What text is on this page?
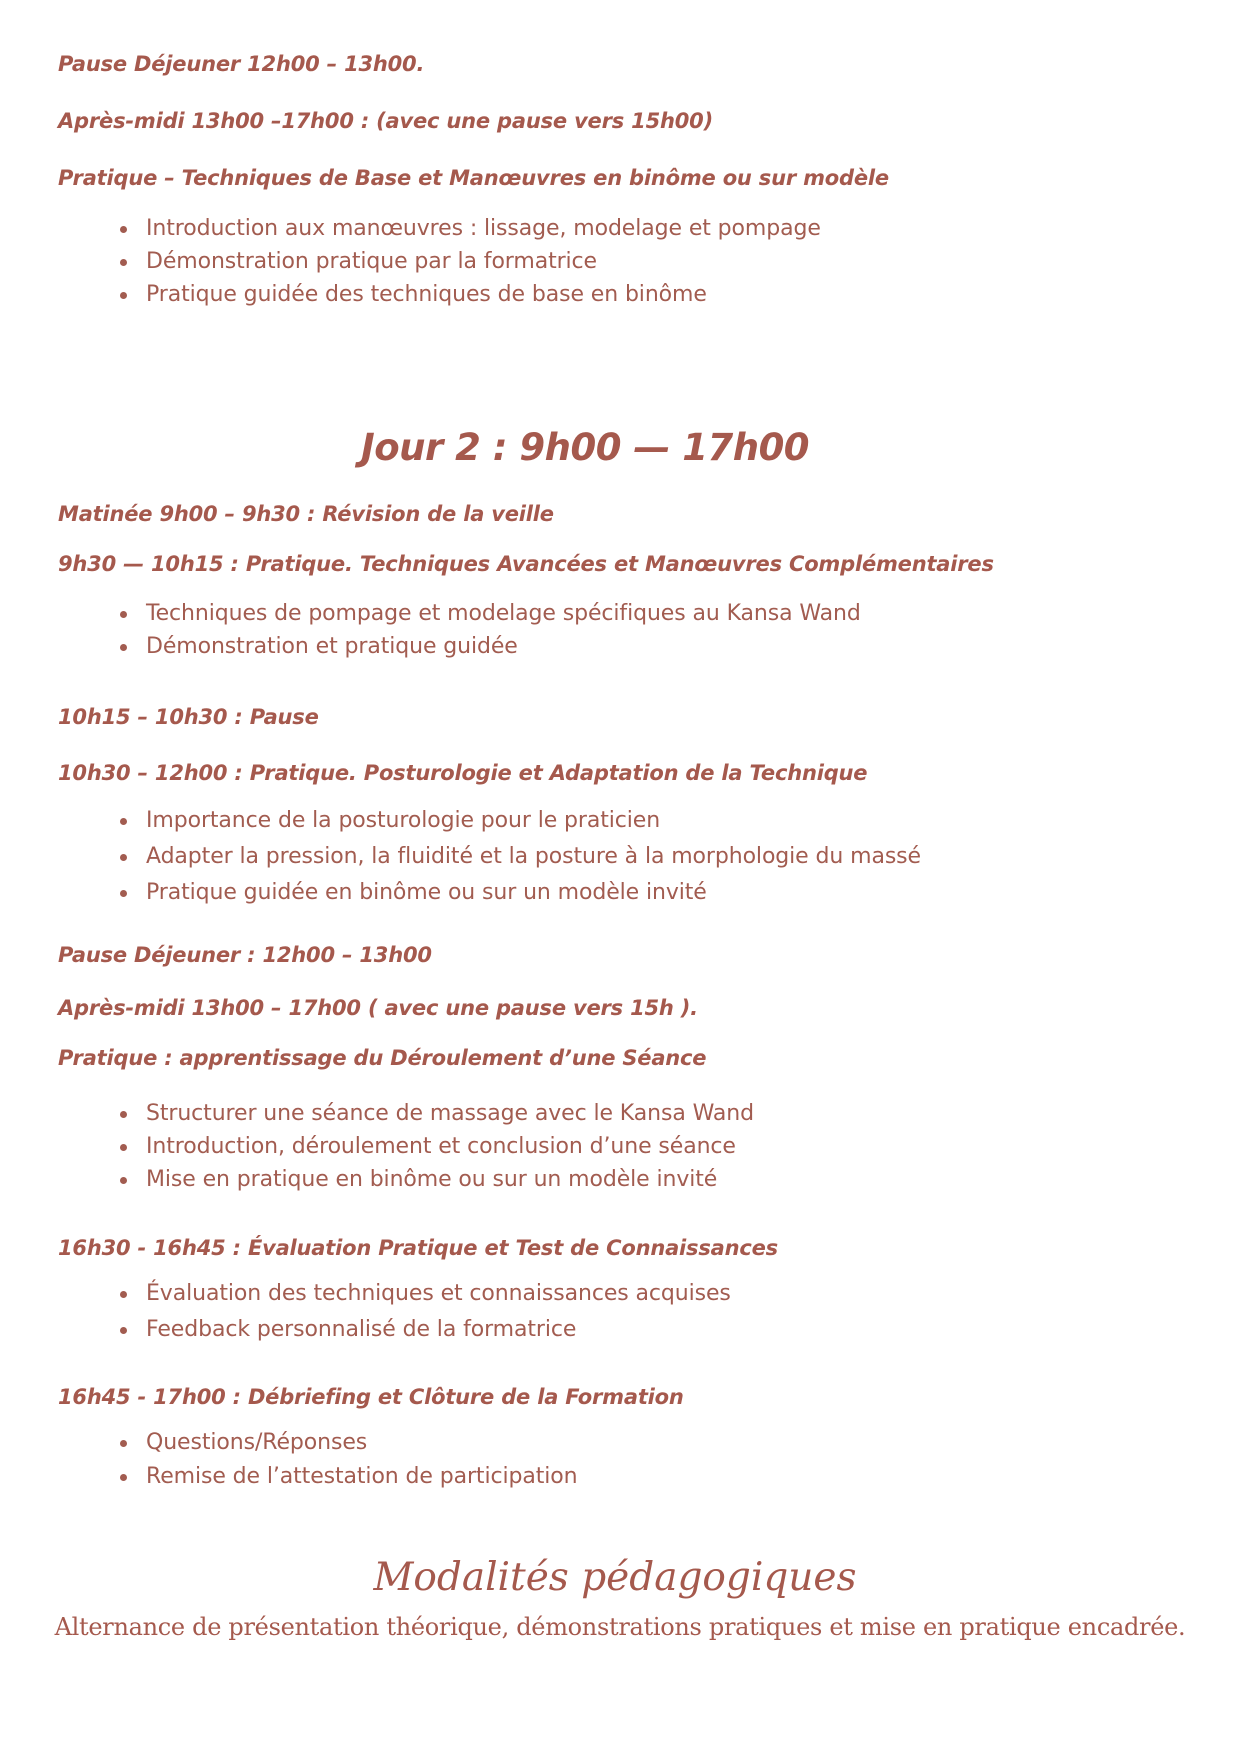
Pause Déjeuner 12h00 – 13h00.
Après-midi 13h00 –17h00 : (avec une pause vers 15h00)
Pratique – Techniques de Base et Manœuvres en binôme ou sur modèle
Introduction aux manœuvres : lissage, modelage et pompage
Démonstration pratique par la formatrice
Pratique guidée des techniques de base en binôme
Jour 2 : 9h00 — 17h00
Matinée 9h00 – 9h30 : Révision de la veille
9h30 — 10h15 : Pratique. Techniques Avancées et Manœuvres Complémentaires
Techniques de pompage et modelage spécifiques au Kansa Wand
Démonstration et pratique guidée
10h15 – 10h30 : Pause
10h30 – 12h00 : Pratique. Posturologie et Adaptation de la Technique
Importance de la posturologie pour le praticien
Adapter la pression, la fluidité et la posture à la morphologie du massé
Pratique guidée en binôme ou sur un modèle invité
Pause Déjeuner : 12h00 – 13h00
Après-midi 13h00 – 17h00 ( avec une pause vers 15h ).
Pratique : apprentissage du Déroulement d’une Séance
Structurer une séance de massage avec le Kansa Wand
Introduction, déroulement et conclusion d’une séance
Mise en pratique en binôme ou sur un modèle invité
16h30 - 16h45 : Évaluation Pratique et Test de Connaissances
Évaluation des techniques et connaissances acquises
Feedback personnalisé de la formatrice
16h45 - 17h00 : Débriefing et Clôture de la Formation
Questions/Réponses
Remise de l’attestation de participation
Modalités pédagogiques
Alternance de présentation théorique, démonstrations pratiques et mise en pratique encadrée.
